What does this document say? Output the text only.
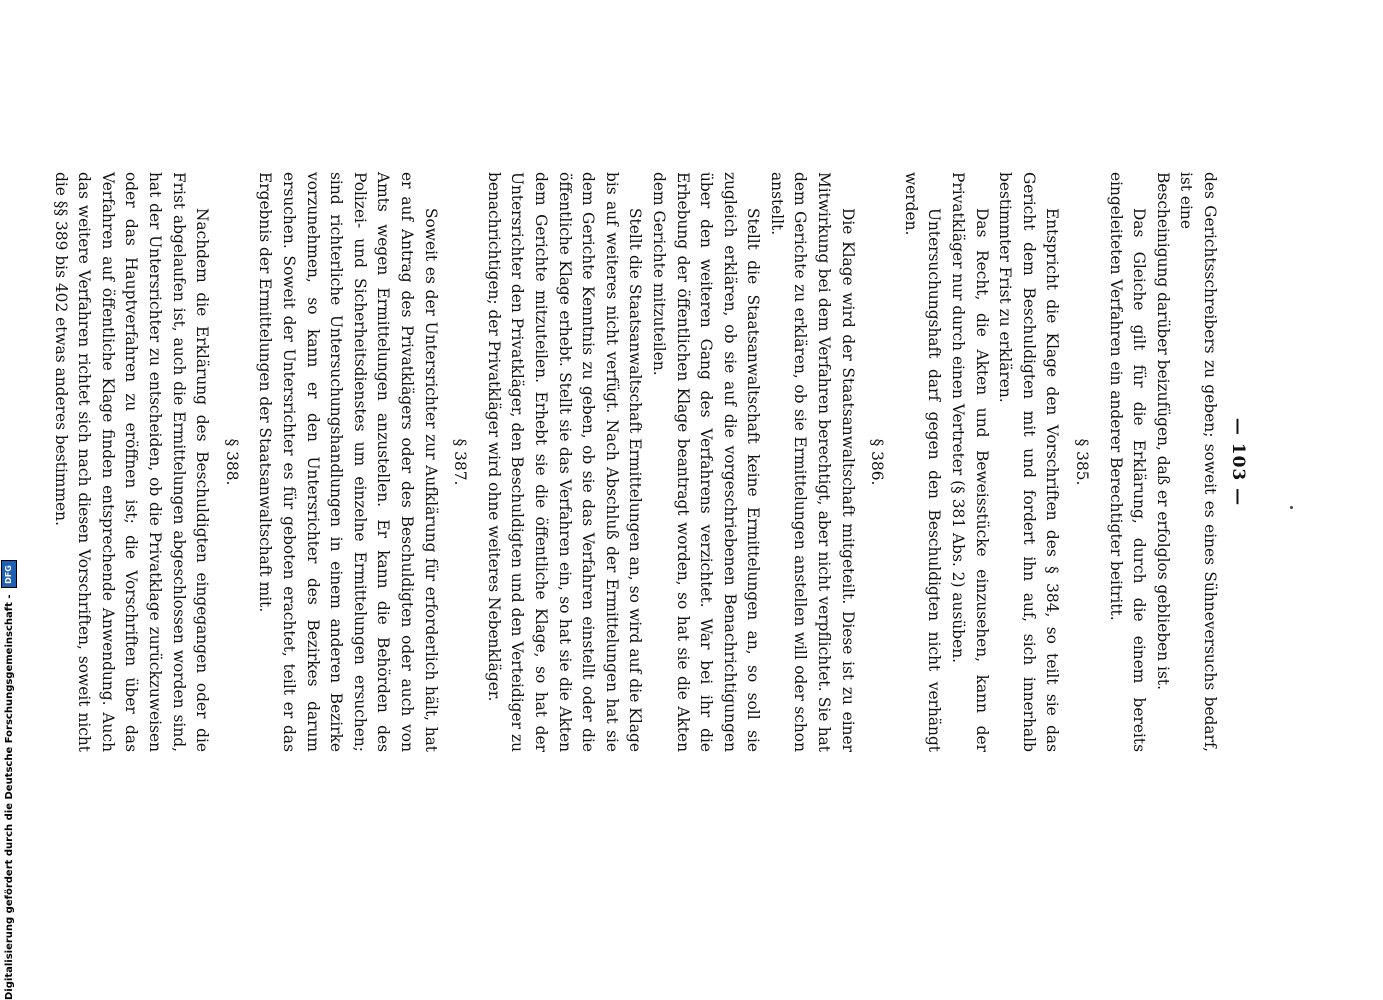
— 103 —

des Gerichtsschreibers zu geben; soweit es eines Sühneversuchs bedarf, ist eine

Bescheinigung darüber beizufügen, daß er erfolglos geblieben ist.

Das Gleiche gilt für die Erklärung, durch die einem bereits eingeleiteten Verfahren ein anderer Berechtigter beitritt.

§ 385.

Entspricht die Klage den Vorschriften des § 384, so teilt sie das Gericht dem Beschuldigten mit und fordert ihn auf, sich innerhalb bestimmter Frist zu erklären.

Das Recht, die Akten und Beweisstücke einzusehen, kann der Privatkläger nur durch einen Vertreter (§ 381 Abs. 2) ausüben.

Untersuchungshaft darf gegen den Beschuldigten nicht verhängt werden.

§ 386.

Die Klage wird der Staatsanwaltschaft mitgeteilt. Diese ist zu einer Mitwirkung bei dem Verfahren berechtigt, aber nicht verpflichtet. Sie hat dem Gerichte zu erklären, ob sie Ermittelungen anstellen will oder schon anstellt.

Stellt die Staatsanwaltschaft keine Ermittelungen an, so soll sie zugleich erklären, ob sie auf die vorgeschriebenen Benachrichtigungen über den weiteren Gang des Verfahrens verzichtet. War bei ihr die Erhebung der öffentlichen Klage beantragt worden, so hat sie die Akten dem Gerichte mitzuteilen.

Stellt die Staatsanwaltschaft Ermittelungen an, so wird auf die Klage bis auf weiteres nicht verfügt. Nach Abschluß der Ermittelungen hat sie dem Gerichte Kenntnis zu geben, ob sie das Verfahren einstellt oder die öffentliche Klage erhebt. Stellt sie das Verfahren ein, so hat sie die Akten dem Gerichte mitzuteilen. Erhebt sie die öffentliche Klage, so hat der Untersrichter den Privatkläger, den Beschuldigten und den Verteidiger zu benachrichtigen; der Privatkläger wird ohne weiteres Nebenkläger.

§ 387.

Soweit es der Untersrichter zur Aufklärung für erforderlich hält, hat er auf Antrag des Privatklägers oder des Beschuldigten oder auch von Amts wegen Ermittelungen anzustellen. Er kann die Behörden des Polizei- und Sicherheitsdienstes um einzelne Ermittelungen ersuchen; sind richterliche Untersuchungshandlungen in einem anderen Bezirke vorzunehmen, so kann er den Untersrichter des Bezirkes darum ersuchen. Soweit der Untersrichter es für geboten erachtet, teilt er das Ergebnis der Ermittelungen der Staatsanwaltschaft mit.

§ 388.

Nachdem die Erklärung des Beschuldigten eingegangen oder die Frist abgelaufen ist, auch die Ermittelungen abgeschlossen worden sind, hat der Untersrichter zu entscheiden, ob die Privatklage zurückzuweisen oder das Hauptverfahren zu eröffnen ist; die Vorschriften über das Verfahren auf öffentliche Klage finden entsprechende Anwendung. Auch das weitere Verfahren richtet sich nach diesen Vorschriften, soweit nicht die §§ 389 bis 402 etwas anderes bestimmen.

Digitalisierung gefördert durch die Deutsche Forschungsgemeinschaft -
DFG
